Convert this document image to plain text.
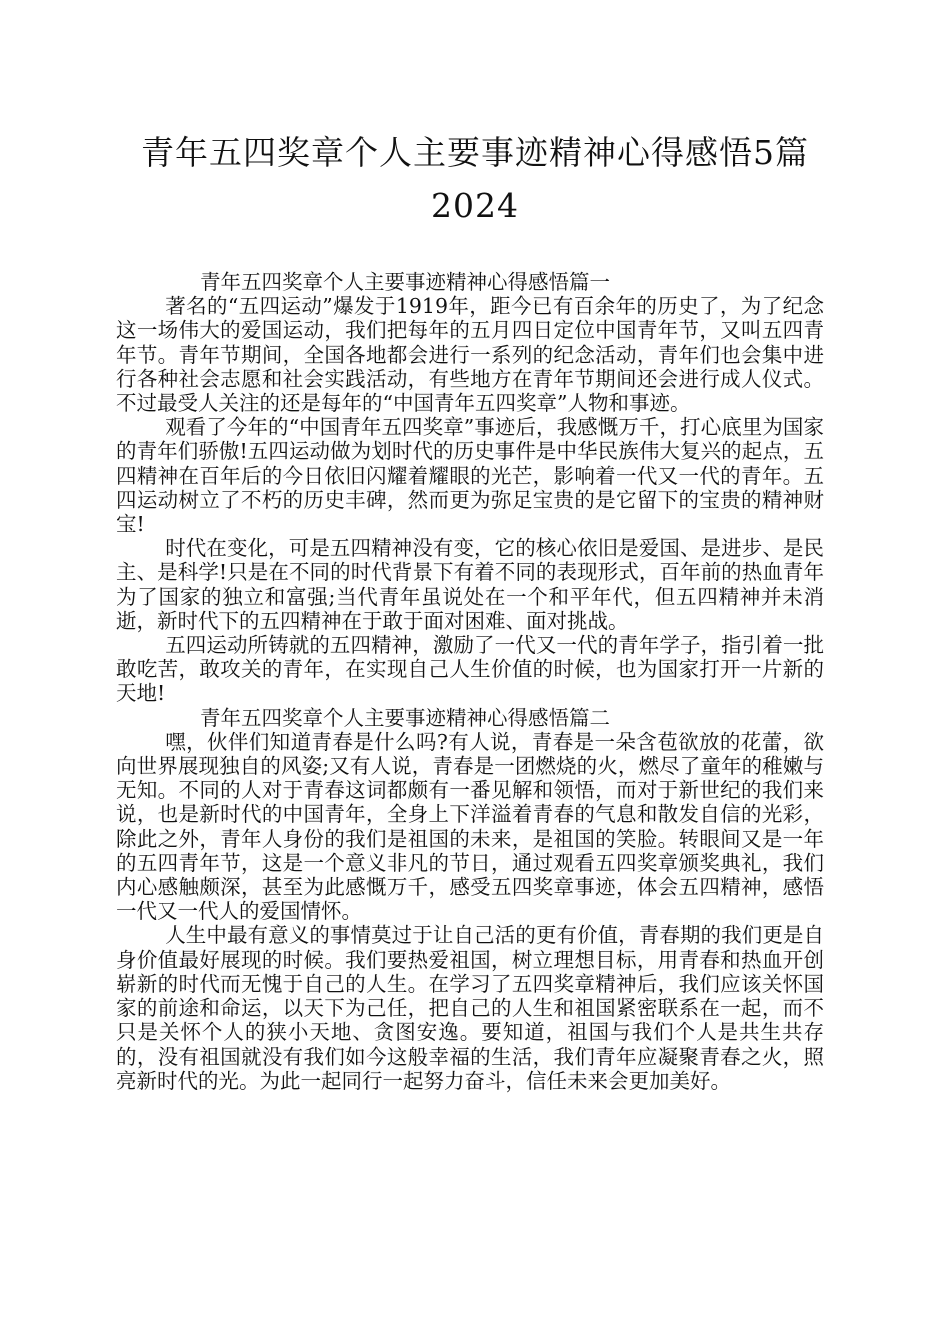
青年五四奖章个人主要事迹精神心得感悟5篇2024

青年五四奖章个人主要事迹精神心得感悟篇一

著名的“五四运动”爆发于1919年，距今已有百余年的历史了，为了纪念这一场伟大的爱国运动，我们把每年的五月四日定位中国青年节，又叫五四青年节。青年节期间，全国各地都会进行一系列的纪念活动，青年们也会集中进行各种社会志愿和社会实践活动，有些地方在青年节期间还会进行成人仪式。不过最受人关注的还是每年的“中国青年五四奖章”人物和事迹。

观看了今年的“中国青年五四奖章”事迹后，我感慨万千，打心底里为国家的青年们骄傲!五四运动做为划时代的历史事件是中华民族伟大复兴的起点，五四精神在百年后的今日依旧闪耀着耀眼的光芒，影响着一代又一代的青年。五四运动树立了不朽的历史丰碑，然而更为弥足宝贵的是它留下的宝贵的精神财宝!

时代在变化，可是五四精神没有变，它的核心依旧是爱国、是进步、是民主、是科学!只是在不同的时代背景下有着不同的表现形式，百年前的热血青年为了国家的独立和富强;当代青年虽说处在一个和平年代，但五四精神并未消逝，新时代下的五四精神在于敢于面对困难、面对挑战。

五四运动所铸就的五四精神，激励了一代又一代的青年学子，指引着一批敢吃苦，敢攻关的青年，在实现自己人生价值的时候，也为国家打开一片新的天地!

青年五四奖章个人主要事迹精神心得感悟篇二

嘿，伙伴们知道青春是什么吗?有人说，青春是一朵含苞欲放的花蕾，欲向世界展现独自的风姿;又有人说，青春是一团燃烧的火，燃尽了童年的稚嫩与无知。不同的人对于青春这词都颇有一番见解和领悟，而对于新世纪的我们来说，也是新时代的中国青年，全身上下洋溢着青春的气息和散发自信的光彩，除此之外，青年人身份的我们是祖国的未来，是祖国的笑脸。转眼间又是一年的五四青年节，这是一个意义非凡的节日，通过观看五四奖章颁奖典礼，我们内心感触颇深，甚至为此感慨万千，感受五四奖章事迹，体会五四精神，感悟一代又一代人的爱国情怀。

人生中最有意义的事情莫过于让自己活的更有价值，青春期的我们更是自身价值最好展现的时候。我们要热爱祖国，树立理想目标，用青春和热血开创崭新的时代而无愧于自己的人生。在学习了五四奖章精神后，我们应该关怀国家的前途和命运，以天下为己任，把自己的人生和祖国紧密联系在一起，而不只是关怀个人的狭小天地、贪图安逸。要知道，祖国与我们个人是共生共存的，没有祖国就没有我们如今这般幸福的生活，我们青年应凝聚青春之火，照亮新时代的光。为此一起同行一起努力奋斗，信任未来会更加美好。
